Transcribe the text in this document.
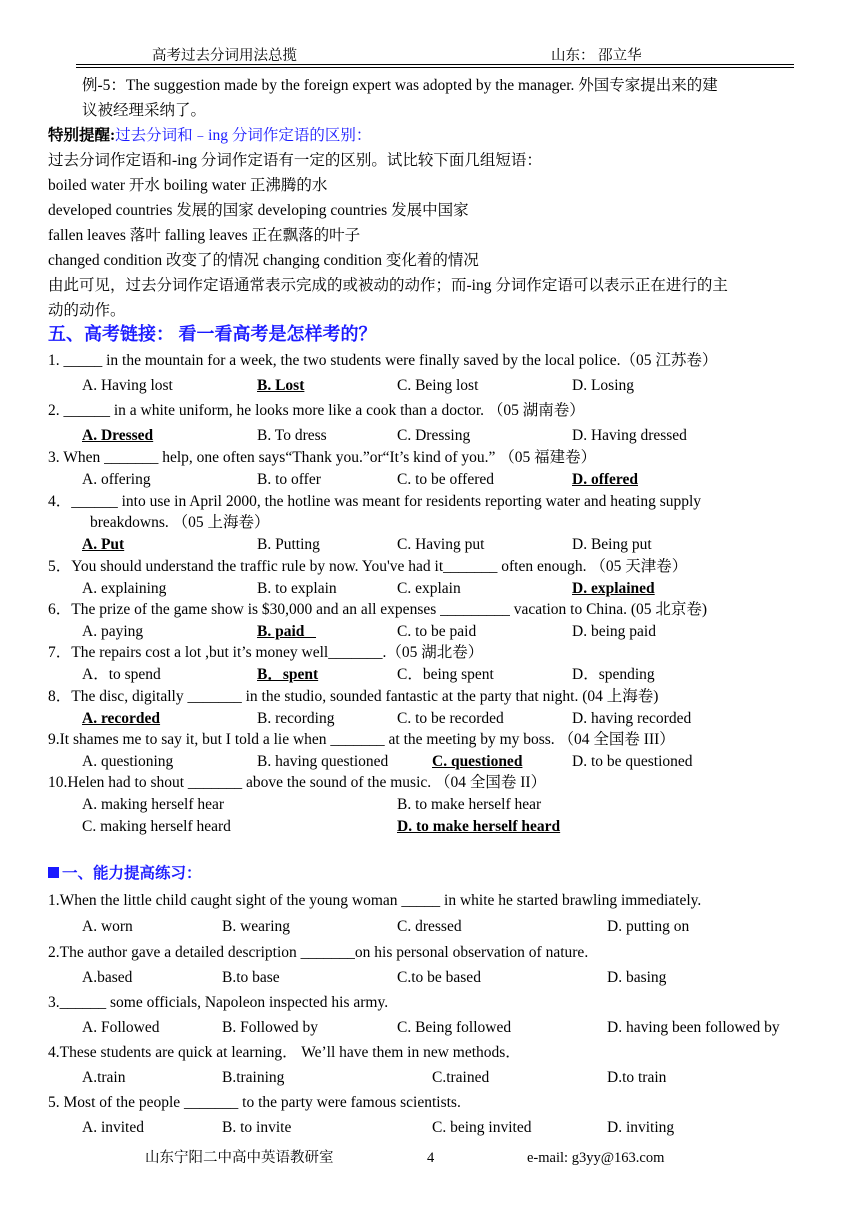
高考过去分词用法总揽	山东： 邵立华
例-5：The suggestion made by the foreign expert was adopted by the manager. 外国专家提出来的建
议被经理采纳了。
特别提醒:过去分词和﹣ing 分词作定语的区别：
过去分词作定语和-ing 分词作定语有一定的区别。试比较下面几组短语：
boiled water 开水 boiling water 正沸腾的水
developed countries 发展的国家 developing countries 发展中国家
fallen leaves 落叶 falling leaves 正在飘落的叶子
changed condition 改变了的情况 changing condition 变化着的情况
由此可见，过去分词作定语通常表示完成的或被动的动作；而-ing 分词作定语可以表示正在进行的主
动的动作。
五、高考链接： 看一看高考是怎样考的？
1. _____ in the mountain for a week, the two students were finally saved by the local police.（05 江苏卷）
A. Having lost	B. Lost	C. Being lost	D. Losing
2. ______ in a white uniform, he looks more like a cook than a doctor. （05 湖南卷）
A. Dressed	B. To dress	C. Dressing	D. Having dressed
3. When _______ help, one often says“Thank you.”or“It’s kind of you.” （05 福建卷）
A. offering	B. to offer	C. to be offered	D. offered
4．______ into use in April 2000, the hotline was meant for residents reporting water and heating supply
breakdowns. （05 上海卷）
A. Put	B. Putting	C. Having put	D. Being put
5．You should understand the traffic rule by now. You've had it_______ often enough. （05 天津卷）
A. explaining	B. to explain	C. explain	D. explained
6．The prize of the game show is $30,000 and an all expenses _________ vacation to China. (05 北京卷)
A. paying	B. paid	C. to be paid	D. being paid
7．The repairs cost a lot ,but it’s money well_______.（05 湖北卷）
A．to spend	B．spent	C．being spent	D．spending
8．The disc, digitally _______ in the studio, sounded fantastic at the party that night. (04 上海卷)
A. recorded	B. recording	C. to be recorded	D. having recorded
9.It shames me to say it, but I told a lie when _______ at the meeting by my boss. （04 全国卷 III）
A. questioning	B. having questioned	C. questioned	D. to be questioned
10.Helen had to shout _______ above the sound of the music. （04 全国卷 II）
A. making herself hear	B. to make herself hear
C. making herself heard	D. to make herself heard
一、能力提高练习：
1.When the little child caught sight of the young woman _____ in white he started brawling immediately.
A. worn	B. wearing	C. dressed	D. putting on
2.The author gave a detailed description _______on his personal observation of nature.
A.based	B.to base	C.to be based	D. basing
3.______ some officials, Napoleon inspected his army.
A. Followed	B. Followed by	C. Being followed	D. having been followed by
4.These students are quick at learning． We’ll have them in new methods．
A.train	B.training	C.trained	D.to train
5. Most of the people _______ to the party were famous scientists.
A. invited	B. to invite	C. being invited	D. inviting
山东宁阳二中高中英语教研室	4	e-mail: g3yy@163.com
